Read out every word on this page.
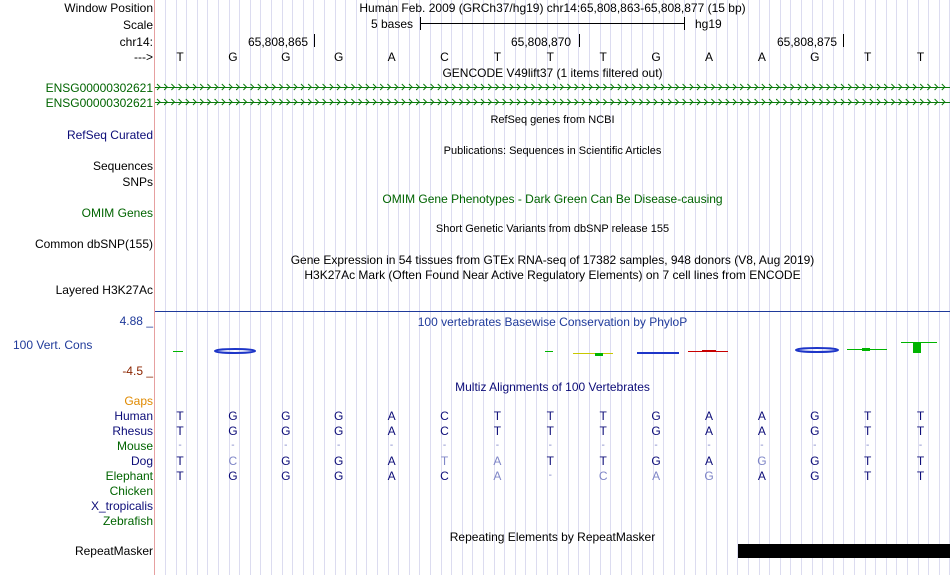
Window Position	Human Feb. 2009 (GRCh37/hg19) chr14:65,808,863-65,808,877 (15 bp)
Scale	5 bases	hg19
chr14:	65,808,865	65,808,870	65,808,875
---> T	G	G	G	A	C	T	T	T	G	A	A	G	T	T
GENCODE V49lift37 (1 items filtered out)
ENSG00000302621
ENSG00000302621
RefSeq genes from NCBI
RefSeq Curated
Publications: Sequences in Scientific Articles
Sequences
SNPs
OMIM Gene Phenotypes - Dark Green Can Be Disease-causing
OMIM Genes
Short Genetic Variants from dbSNP release 155
Common dbSNP(155)
Gene Expression in 54 tissues from GTEx RNA-seq of 17382 samples, 948 donors (V8, Aug 2019)
H3K27Ac Mark (Often Found Near Active Regulatory Elements) on 7 cell lines from ENCODE
Layered H3K27Ac
4.88 _	100 vertebrates Basewise Conservation by PhyloP
100 Vert. Cons
-4.5 _
Multiz Alignments of 100 Vertebrates
Gaps
Human T	G	G	G	A	C	T	T	T	G	A	A	G	T	T
Rhesus T	G	G	G	A	C	T	T	T	G	A	A	G	T	T
Mouse	-	-	-	-	-	-	-	-	-	-	-	-	-	-	-
Dog T	C	G	G	A	T	A	T	T	G	A	G	G	T	T
Elephant T	G	G	G	A	C	A	-	C	A	G	A	G	T	T
Chicken
X_tropicalis
Zebrafish
Repeating Elements by RepeatMasker
RepeatMasker
